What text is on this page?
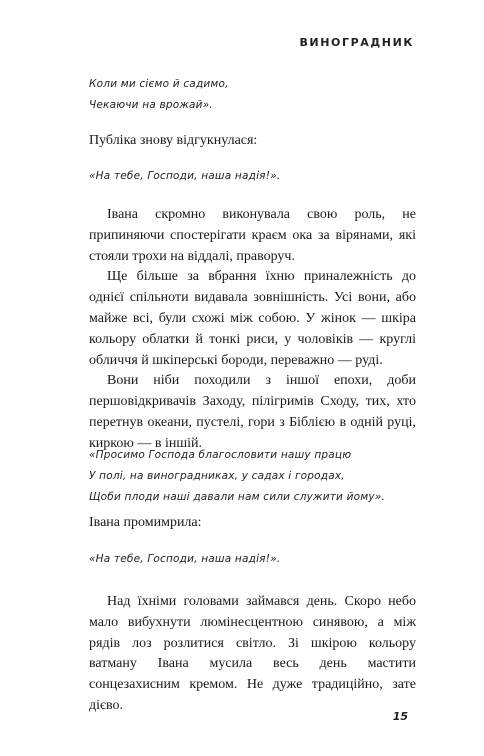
ВИНОГРАДНИК
Коли ми сіємо й садимо,
Чекаючи на врожай».

Публіка знову відгукнулася:

«На тебе, Господи, наша надія!».

Івана скромно виконувала свою роль, не припиняючи спостерігати краєм ока за вірянами, які стояли трохи на віддалі, праворуч.

Ще більше за вбрання їхню приналежність до однієї спільноти видавала зовнішність. Усі вони, або майже всі, були схожі між собою. У жінок — шкіра кольору облатки й тонкі риси, у чоловіків — круглі обличчя й шкіперські бороди, переважно — руді.

Вони ніби походили з іншої епохи, доби першовідкривачів Заходу, пілігримів Сходу, тих, хто перетнув океани, пустелі, гори з Біблією в одній руці, киркою — в іншій.

«Просимо Господа благословити нашу працю
У полі, на виноградниках, у садах і городах,
Щоби плоди наші давали нам сили служити йому».

Івана промимрила:

«На тебе, Господи, наша надія!».

Над їхніми головами займався день. Скоро небо мало вибухнути люмінесцентною синявою, а між рядів лоз розлитися світло. Зі шкірою кольору ватману Івана мусила весь день мастити сонцезахисним кремом. Не дуже традиційно, зате дієво.

15
